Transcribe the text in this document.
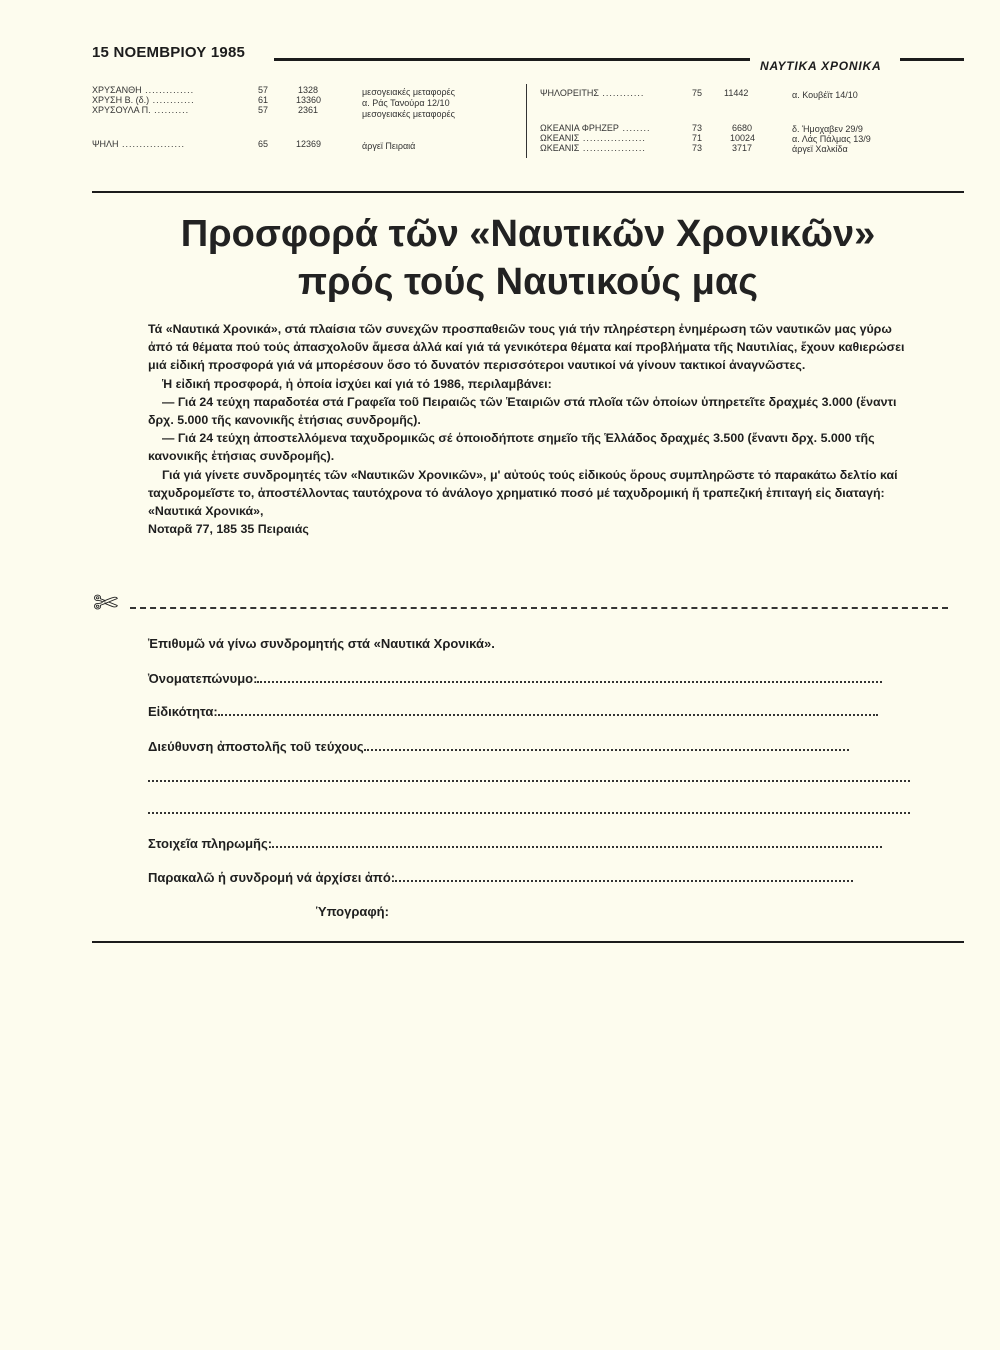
15 ΝΟΕΜΒΡΙΟΥ 1985
ΝΑΥΤΙΚΑ ΧΡΟΝΙΚΑ
ΧΡΥΣΑΝΘΗ ..............	57	1328	μεσογειακές μεταφορές
ΧΡΥΣΗ Β. (δ.) ............	61	13360	α. Ράς Τανούρα 12/10
ΧΡΥΣΟΥΛΑ Π. ..........	57	2361	μεσογειακές μεταφορές
ΨΗΛΗ ..................	65	12369	άργεϊ Πειραιά
ΨΗΛΟΡΕΙΤΗΣ ............	75 11442	α. Κουβέϊτ 14/10
ΩΚΕΑΝΙΑ ΦΡΗΖΕΡ ........	73	6680	δ. Ήμοχαβεν 29/9
ΩΚΕΑΝΙΣ ..................	71	10024	α. Λάς Πάλμας 13/9
ΩΚΕΑΝΙΣ ..................	73	3717	άργεϊ Χαλκίδα
Προσφορά τῶν «Ναυτικῶν Χρονικῶν»
πρός τούς Ναυτικούς μας

Τά «Ναυτικά Χρονικά», στά πλαίσια τῶν συνεχῶν προσπαθειῶν τους γιά τήν πληρέστερη ἐνημέρωση τῶν ναυτικῶν μας γύρω ἀπό τά θέματα πού τούς ἀπασχολοῦν ἄμεσα ἀλλά καί γιά τά γενικότερα θέματα καί προβλήματα τῆς Ναυτιλίας, ἔχουν καθιερώσει μιά εἰδική προσφορά γιά νά μπορέσουν ὅσο τό δυνατόν περισσότεροι ναυτικοί νά γίνουν τακτικοί ἀναγνῶστες.

Ἡ εἰδική προσφορά, ἡ ὁποία ἰσχύει καί γιά τό 1986, περιλαμβάνει:

— Γιά 24 τεύχη παραδοτέα στά Γραφεῖα τοῦ Πειραιῶς τῶν Ἑταιριῶν στά πλοῖα τῶν ὁποίων ὑπηρετεῖτε δραχμές 3.000 (ἔναντι δρχ. 5.000 τῆς κανονικῆς ἐτήσιας συνδρομῆς).

— Γιά 24 τεύχη ἀποστελλόμενα ταχυδρομικῶς σέ ὁποιοδήποτε σημεῖο τῆς Ἑλλάδος δραχμές 3.500 (ἔναντι δρχ. 5.000 τῆς κανονικῆς ἐτήσιας συνδρομῆς).

Γιά γιά γίνετε συνδρομητές τῶν «Ναυτικῶν Χρονικῶν», μ' αὐτούς τούς εἰδικούς ὅρους συμπληρῶστε τό παρακάτω δελτίο καί ταχυδρομεῖστε το, ἀποστέλλοντας ταυτόχρονα τό ἀνάλογο χρηματικό ποσό μέ ταχυδρομική ἤ τραπεζική ἐπιταγή εἰς διαταγή: «Ναυτικά Χρονικά»,

Νοταρᾶ 77, 185 35 Πειραιάς

✄
Ἐπιθυμῶ νά γίνω συνδρομητής στά «Ναυτικά Χρονικά».
Ὀνοματεπώνυμο:
Εἰδικότητα:
Διεύθυνση ἀποστολῆς τοῦ τεύχους
Στοιχεῖα πληρωμῆς:
Παρακαλῶ ἡ συνδρομή νά ἀρχίσει ἀπό:
Ὑπογραφή:
